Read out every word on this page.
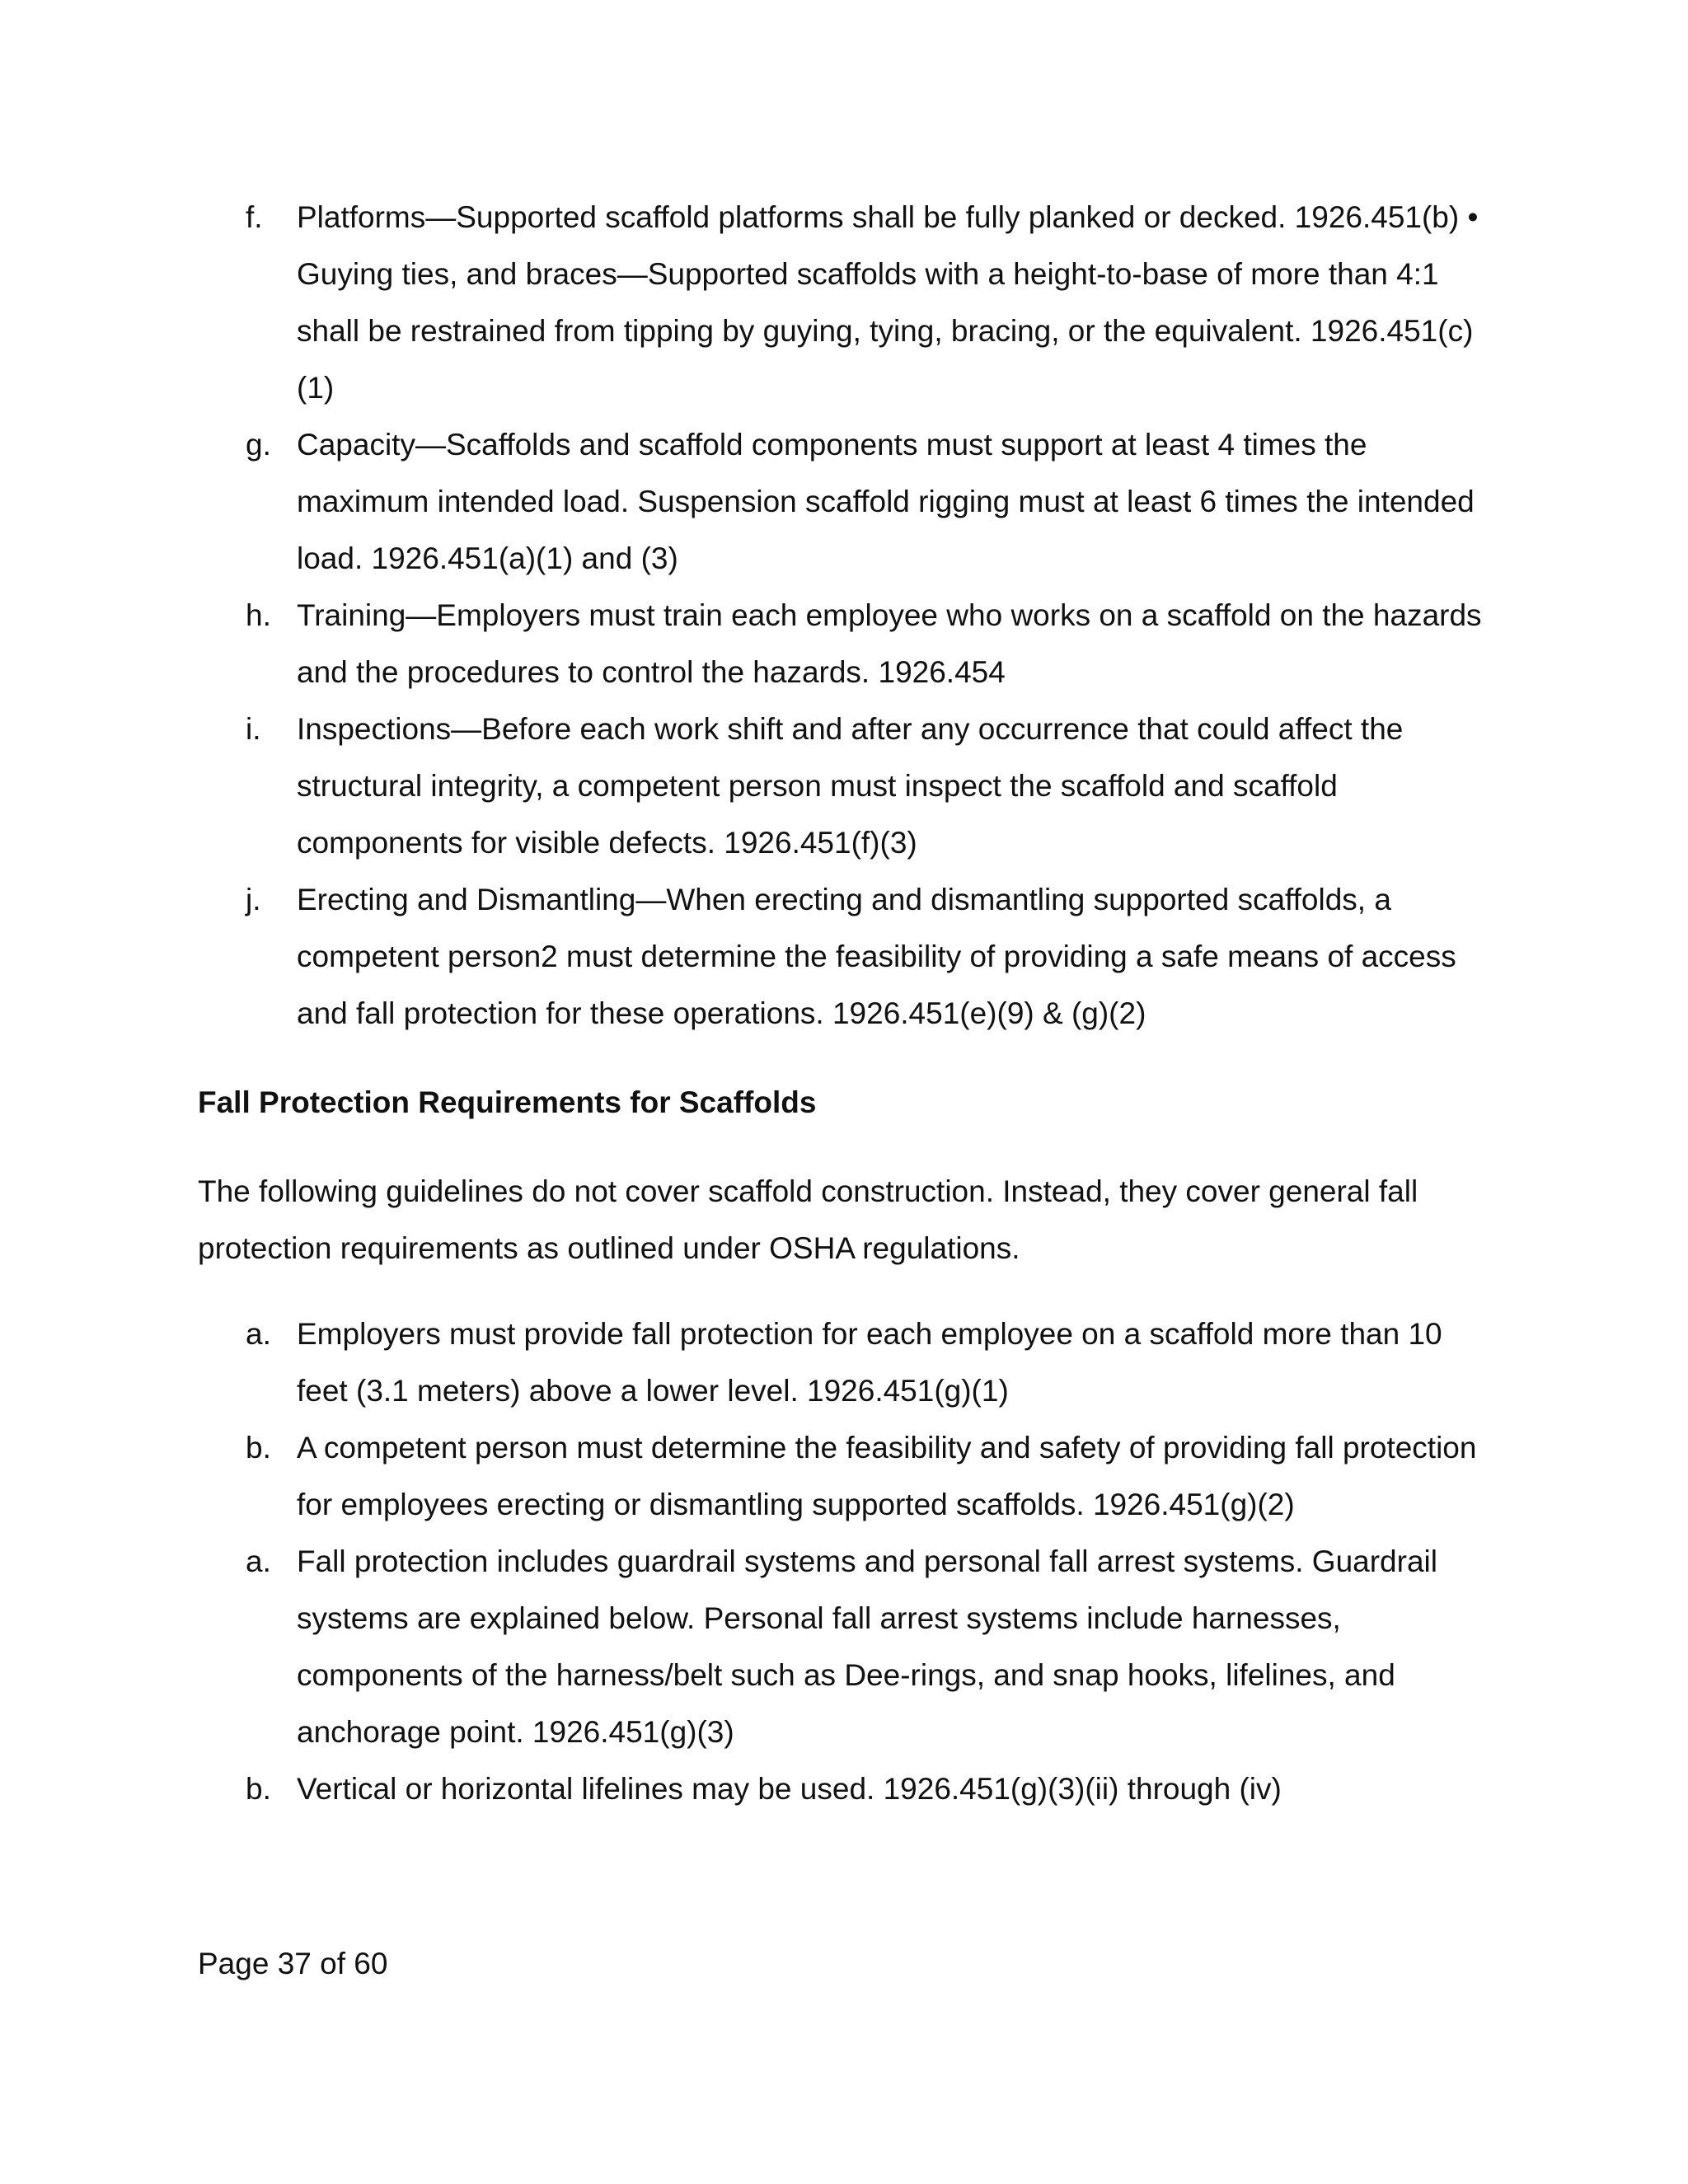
f.	Platforms—Supported scaffold platforms shall be fully planked or decked. 1926.451(b) • Guying ties, and braces—Supported scaffolds with a height-to-base of more than 4:1 shall be restrained from tipping by guying, tying, bracing, or the equivalent. 1926.451(c)(1)
g. Capacity—Scaffolds and scaffold components must support at least 4 times the maximum intended load. Suspension scaffold rigging must at least 6 times the intended load. 1926.451(a)(1) and (3)
h. Training—Employers must train each employee who works on a scaffold on the hazards and the procedures to control the hazards. 1926.454
i.	Inspections—Before each work shift and after any occurrence that could affect the structural integrity, a competent person must inspect the scaffold and scaffold components for visible defects. 1926.451(f)(3)
j.	Erecting and Dismantling—When erecting and dismantling supported scaffolds, a competent person2 must determine the feasibility of providing a safe means of access and fall protection for these operations. 1926.451(e)(9) & (g)(2)
Fall Protection Requirements for Scaffolds

The following guidelines do not cover scaffold construction. Instead, they cover general fall protection requirements as outlined under OSHA regulations.

a. Employers must provide fall protection for each employee on a scaffold more than 10 feet (3.1 meters) above a lower level. 1926.451(g)(1)
b. A competent person must determine the feasibility and safety of providing fall protection for employees erecting or dismantling supported scaffolds. 1926.451(g)(2)
a. Fall protection includes guardrail systems and personal fall arrest systems. Guardrail systems are explained below. Personal fall arrest systems include harnesses, components of the harness/belt such as Dee-rings, and snap hooks, lifelines, and anchorage point. 1926.451(g)(3)
b. Vertical or horizontal lifelines may be used. 1926.451(g)(3)(ii) through (iv)

Page 37 of 60
